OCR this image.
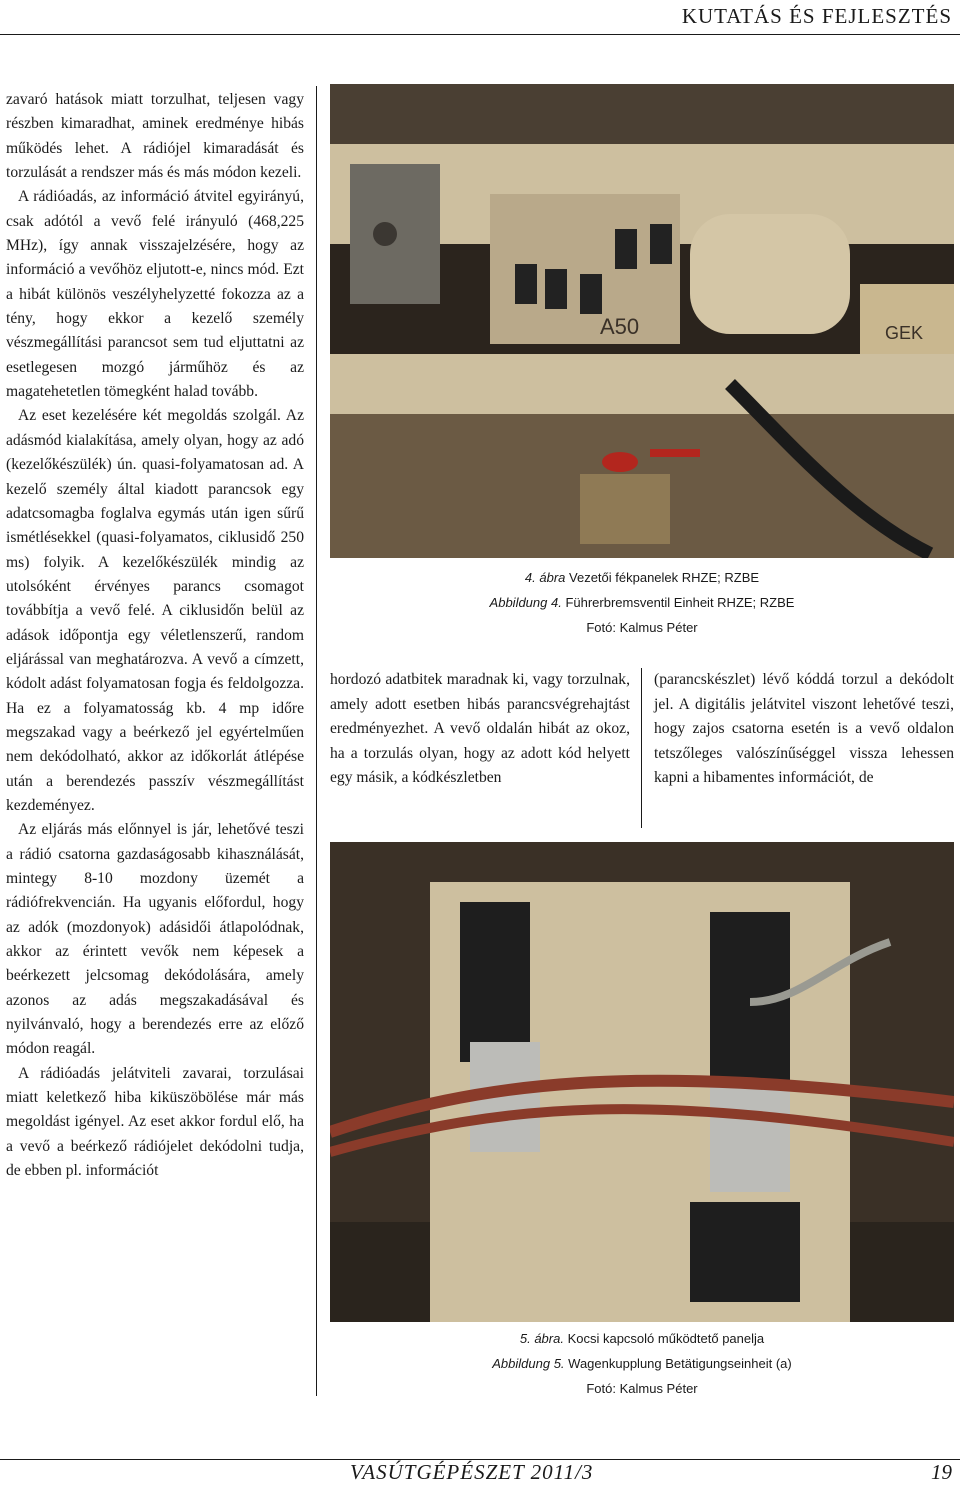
KUTATÁS ÉS FEJLESZTÉS

zavaró hatások miatt torzulhat, teljesen vagy részben kimaradhat, aminek eredménye hibás működés lehet. A rádiójel kimaradását és torzulását a rendszer más és más módon kezeli.

A rádióadás, az információ átvitel egyirányú, csak adótól a vevő felé irányuló (468,225 MHz), így annak visszajelzésére, hogy az információ a vevőhöz eljutott-e, nincs mód. Ezt a hibát különös veszélyhelyzetté fokozza az a tény, hogy ekkor a kezelő személy vészmegállítási parancsot sem tud eljuttatni az esetlegesen mozgó járműhöz és az magatehetetlen tömegként halad tovább.

Az eset kezelésére két megoldás szolgál. Az adásmód kialakítása, amely olyan, hogy az adó (kezelőkészülék) ún. quasi-folyamatosan ad. A kezelő személy által kiadott parancsok egy adatcsomagba foglalva egymás után igen sűrű ismétlésekkel (quasi-folyamatos, ciklusidő 250 ms) folyik. A kezelőkészülék mindig az utolsóként érvényes parancs csomagot továbbítja a vevő felé. A ciklusidőn belül az adások időpontja egy véletlenszerű, random eljárással van meghatározva. A vevő a címzett, kódolt adást folyamatosan fogja és feldolgozza. Ha ez a folyamatosság kb. 4 mp időre megszakad vagy a beérkező jel egyértelműen nem dekódolható, akkor az időkorlát átlépése után a berendezés passzív vészmegállítást kezdeményez.

Az eljárás más előnnyel is jár, lehetővé teszi a rádió csatorna gazdaságosabb kihasználását, mintegy 8-10 mozdony üzemét a rádiófrekvencián. Ha ugyanis előfordul, hogy az adók (mozdonyok) adásidői átlapolódnak, akkor az érintett vevők nem képesek a beérkezett jelcsomag dekódolására, amely azonos az adás megszakadásával és nyilvánvaló, hogy a berendezés erre az előző módon reagál.

A rádióadás jelátviteli zavarai, torzulásai miatt keletkező hiba kiküszöbölése már más megoldást igényel. Az eset akkor fordul elő, ha a vevő a beérkező rádiójelet dekódolni tudja, de ebben pl. információt

A50	GEK
4. ábra Vezetői fékpanelek RHZE; RZBE
Abbildung 4. Führerbremsventil Einheit RHZE; RZBE
Fotó: Kalmus Péter

hordozó adatbitek maradnak ki, vagy torzulnak, amely adott esetben hibás parancsvégrehajtást eredményezhet. A vevő oldalán hibát az okoz, ha a torzulás olyan, hogy az adott kód helyett egy másik, a kódkészletben

(parancskészlet) lévő kóddá torzul a dekódolt jel. A digitális jelátvitel viszont lehetővé teszi, hogy zajos csatorna esetén is a vevő oldalon tetszőleges valószínűséggel vissza lehessen kapni a hibamentes információt, de

5. ábra. Kocsi kapcsoló működtető panelja
Abbildung 5. Wagenkupplung Betätigungseinheit (a)
Fotó: Kalmus Péter
VASÚTGÉPÉSZET 2011/3	19
